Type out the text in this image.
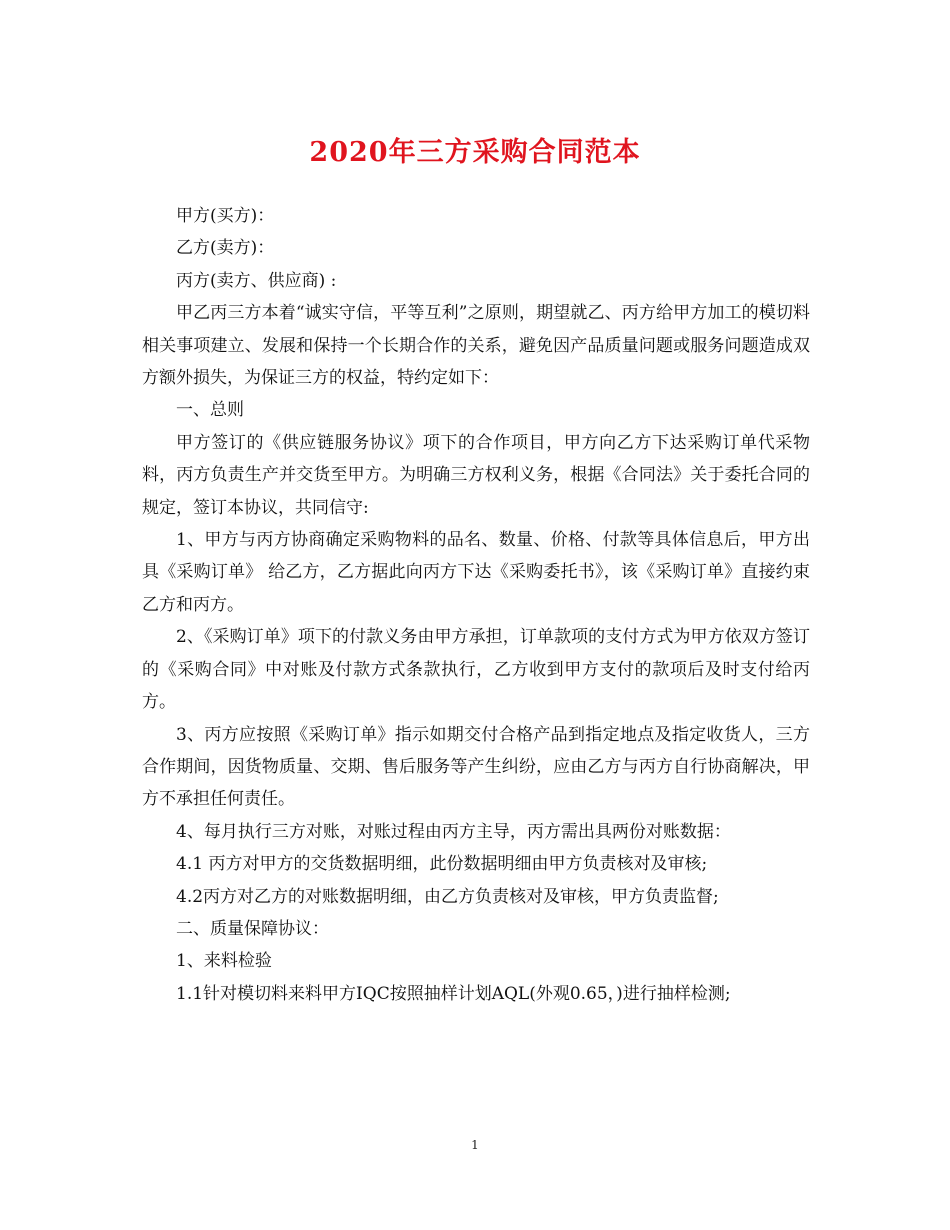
2020年三方采购合同范本

甲方(买方)：

乙方(卖方)：

丙方(卖方、供应商) :

甲乙丙三方本着“诚实守信，平等互利”之原则，期望就乙、丙方给甲方加工的模切料相关事项建立、发展和保持一个长期合作的关系，避免因产品质量问题或服务问题造成双方额外损失，为保证三方的权益，特约定如下：

一、总则

甲方签订的《供应链服务协议》项下的合作项目，甲方向乙方下达采购订单代采物料，丙方负责生产并交货至甲方。为明确三方权利义务，根据《合同法》关于委托合同的规定，签订本协议，共同信守:

1、甲方与丙方协商确定采购物料的品名、数量、价格、付款等具体信息后，甲方出具《采购订单》 给乙方，乙方据此向丙方下达《采购委托书》，该《采购订单》直接约束乙方和丙方。

2、《采购订单》项下的付款义务由甲方承担，订单款项的支付方式为甲方依双方签订的《采购合同》中对账及付款方式条款执行，乙方收到甲方支付的款项后及时支付给丙方。

3、丙方应按照《采购订单》指示如期交付合格产品到指定地点及指定收货人，三方合作期间，因货物质量、交期、售后服务等产生纠纷，应由乙方与丙方自行协商解决，甲方不承担任何责任。

4、每月执行三方对账，对账过程由丙方主导，丙方需出具两份对账数据：

4.1 丙方对甲方的交货数据明细，此份数据明细由甲方负责核对及审核;

4.2丙方对乙方的对账数据明细，由乙方负责核对及审核，甲方负责监督;

二、质量保障协议：

1、来料检验

1.1针对模切料来料甲方IQC按照抽样计划AQL(外观0.65，)进行抽样检测;

1
